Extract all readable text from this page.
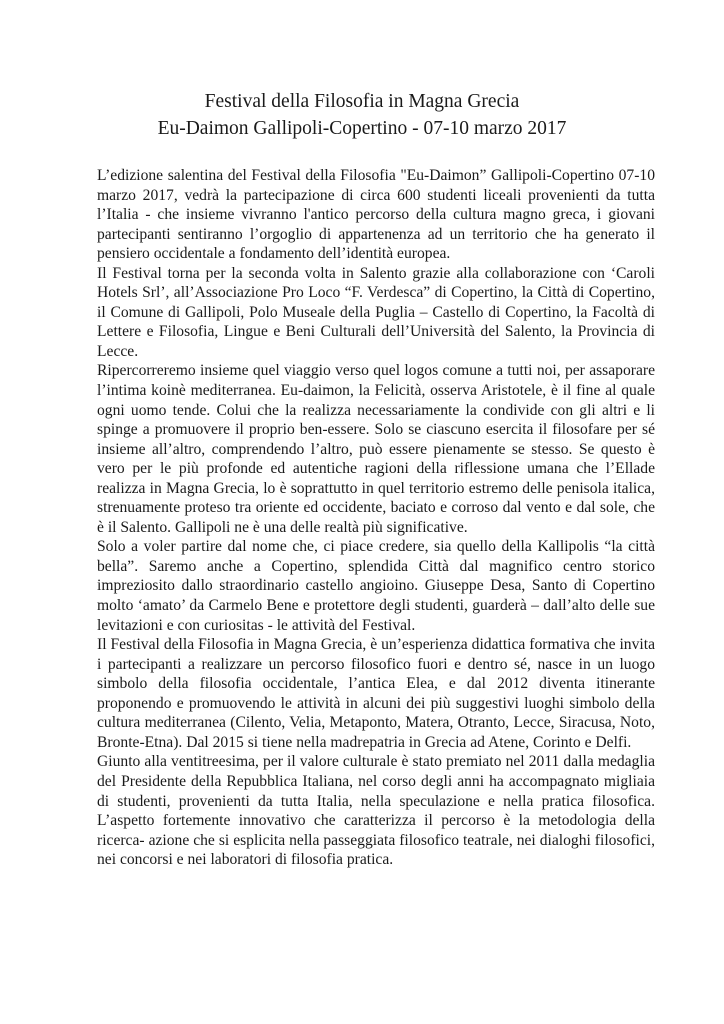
Festival della Filosofia in Magna Grecia
Eu-Daimon Gallipoli-Copertino - 07-10 marzo 2017

L’edizione salentina del Festival della Filosofia "Eu-Daimon” Gallipoli-Copertino 07-10 marzo 2017, vedrà la partecipazione di circa 600 studenti liceali provenienti da tutta l’Italia - che insieme vivranno l'antico percorso della cultura magno greca, i giovani partecipanti sentiranno l’orgoglio di appartenenza ad un territorio che ha generato il pensiero occidentale a fondamento dell’identità europea.

Il Festival torna per la seconda volta in Salento grazie alla collaborazione con ‘Caroli Hotels Srl’, all’Associazione Pro Loco “F. Verdesca” di Copertino, la Città di Copertino, il Comune di Gallipoli, Polo Museale della Puglia – Castello di Copertino, la Facoltà di Lettere e Filosofia, Lingue e Beni Culturali dell’Università del Salento, la Provincia di Lecce.

Ripercorreremo insieme quel viaggio verso quel logos comune a tutti noi, per assaporare l’intima koinè mediterranea. Eu-daimon, la Felicità, osserva Aristotele, è il fine al quale ogni uomo tende. Colui che la realizza necessariamente la condivide con gli altri e li spinge a promuovere il proprio ben-essere. Solo se ciascuno esercita il filosofare per sé insieme all’altro, comprendendo l’altro, può essere pienamente se stesso. Se questo è vero per le più profonde ed autentiche ragioni della riflessione umana che l’Ellade realizza in Magna Grecia, lo è soprattutto in quel territorio estremo delle penisola italica, strenuamente proteso tra oriente ed occidente, baciato e corroso dal vento e dal sole, che è il Salento. Gallipoli ne è una delle realtà più significative.

Solo a voler partire dal nome che, ci piace credere, sia quello della Kallipolis “la città bella”. Saremo anche a Copertino, splendida Città dal magnifico centro storico impreziosito dallo straordinario castello angioino. Giuseppe Desa, Santo di Copertino molto ‘amato’ da Carmelo Bene e protettore degli studenti, guarderà – dall’alto delle sue levitazioni e con curiositas - le attività del Festival.

Il Festival della Filosofia in Magna Grecia, è un’esperienza didattica formativa che invita i partecipanti a realizzare un percorso filosofico fuori e dentro sé, nasce in un luogo simbolo della filosofia occidentale, l’antica Elea, e dal 2012 diventa itinerante proponendo e promuovendo le attività in alcuni dei più suggestivi luoghi simbolo della cultura mediterranea (Cilento, Velia, Metaponto, Matera, Otranto, Lecce, Siracusa, Noto, Bronte-Etna). Dal 2015 si tiene nella madrepatria in Grecia ad Atene, Corinto e Delfi.

Giunto alla ventitreesima, per il valore culturale è stato premiato nel 2011 dalla medaglia del Presidente della Repubblica Italiana, nel corso degli anni ha accompagnato migliaia di studenti, provenienti da tutta Italia, nella speculazione e nella pratica filosofica. L’aspetto fortemente innovativo che caratterizza il percorso è la metodologia della ricerca- azione che si esplicita nella passeggiata filosofico teatrale, nei dialoghi filosofici, nei concorsi e nei laboratori di filosofia pratica.
